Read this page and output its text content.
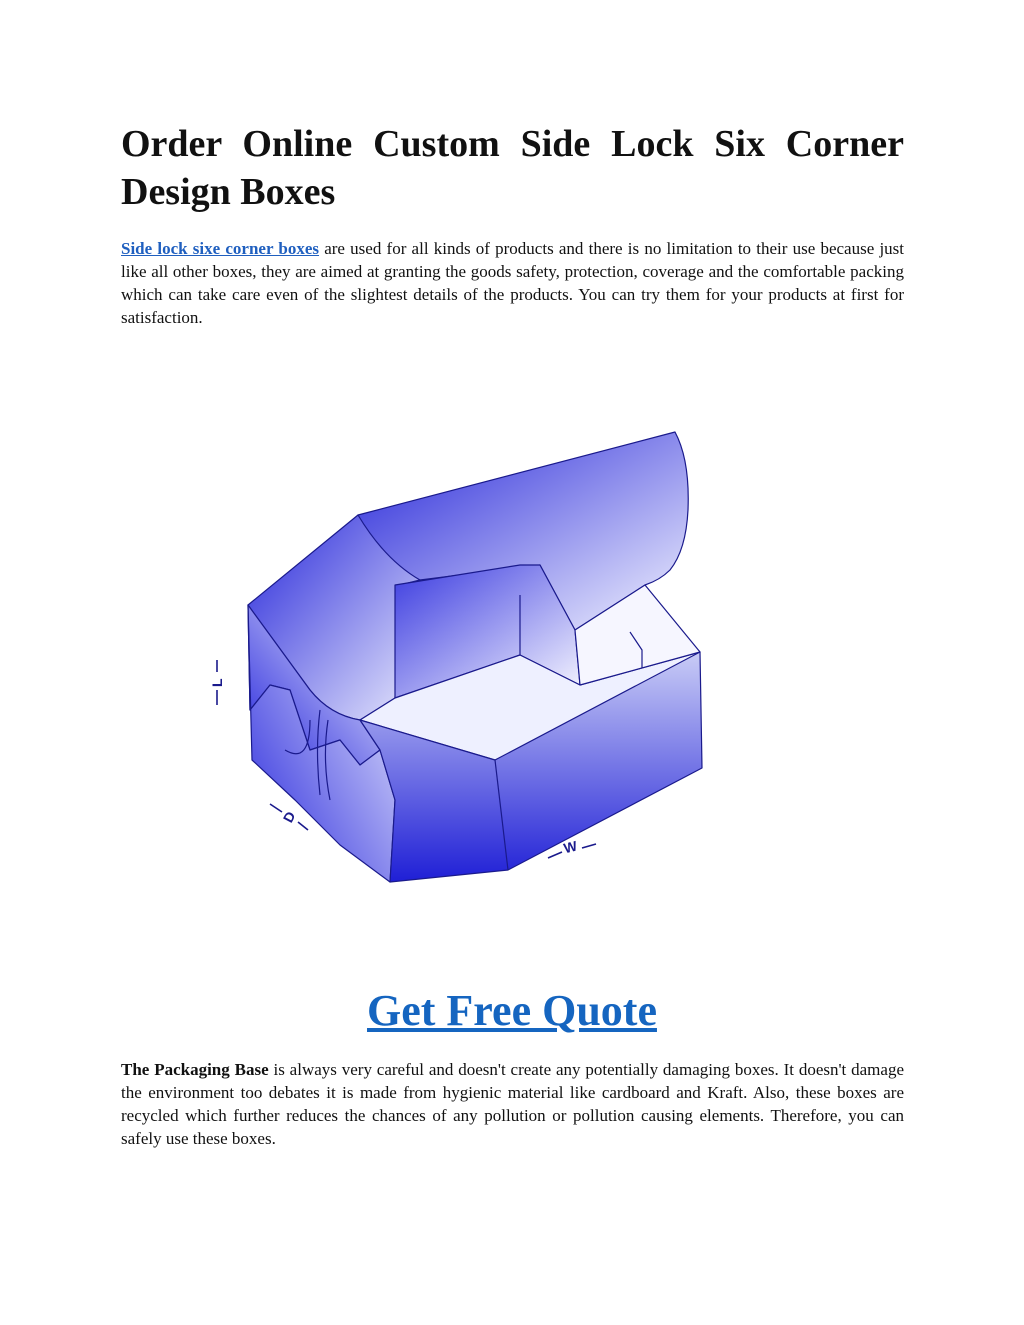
Order Online Custom Side Lock Six Corner Design Boxes

Side lock sixe corner boxes are used for all kinds of products and there is no limitation to their use because just like all other boxes, they are aimed at granting the goods safety, protection, coverage and the comfortable packing which can take care even of the slightest details of the products. You can try them for your products at first for satisfaction.

L
D
W
Get Free Quote

The Packaging Base is always very careful and doesn't create any potentially damaging boxes. It doesn't damage the environment too debates it is made from hygienic material like cardboard and Kraft. Also, these boxes are recycled which further reduces the chances of any pollution or pollution causing elements. Therefore, you can safely use these boxes.
